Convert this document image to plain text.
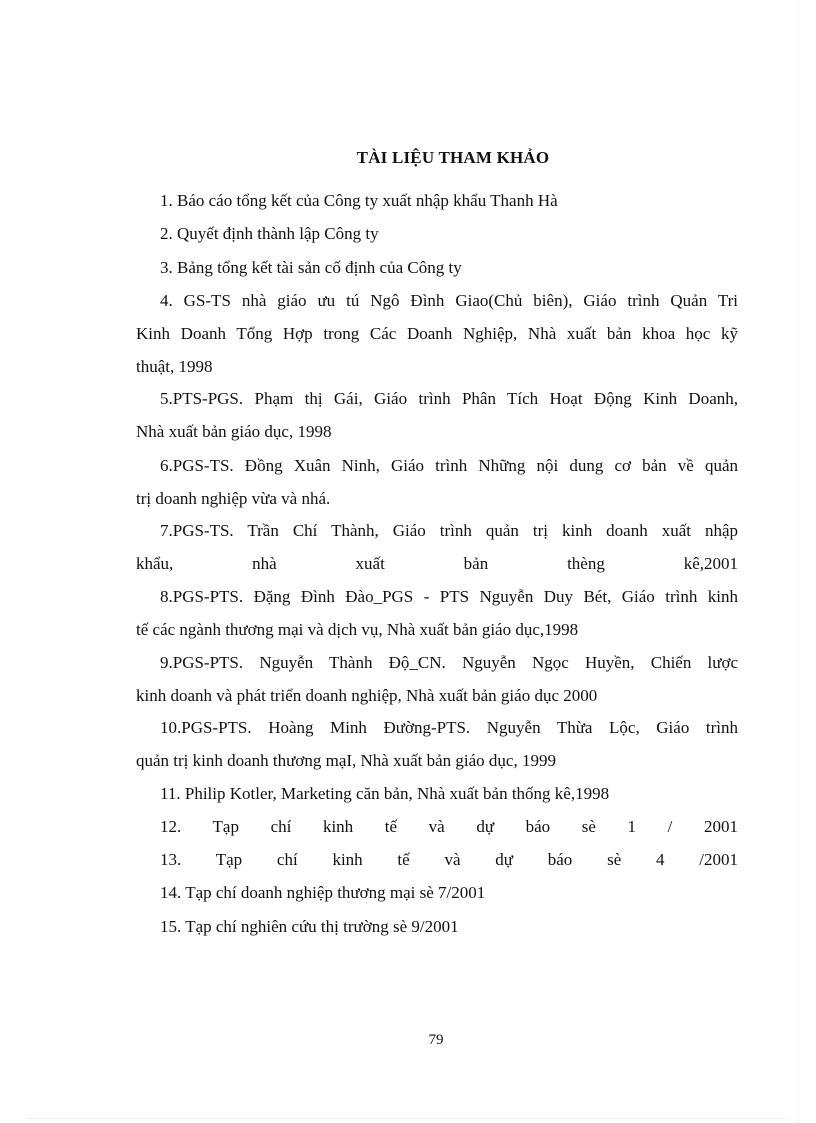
TÀI LIỆU THAM KHẢO

1. Báo cáo tổng kết của Công ty xuất nhập khẩu Thanh Hà

2. Quyết định thành lập Công ty

3. Bảng tổng kết tài sản cố định của Công ty

4. GS-TS nhà giáo ưu tú Ngô Đình Giao(Chủ biên), Giáo trình Quản Tri

Kinh Doanh Tổng Hợp trong Các Doanh Nghiệp, Nhà xuất bản khoa học kỹ

thuật, 1998

5.PTS-PGS. Phạm thị Gái, Giáo trình Phân Tích Hoạt Động Kinh Doanh,

Nhà xuất bản giáo dục, 1998

6.PGS-TS. Đồng Xuân Ninh, Giáo trình Những nội dung cơ bản về quản

trị doanh nghiệp vừa và nhá.

7.PGS-TS. Trần Chí Thành, Giáo trình quản trị kinh doanh xuất nhập

khẩu, nhà xuất bản thèng kê,2001

8.PGS-PTS. Đặng Đình Đào_PGS - PTS Nguyễn Duy Bét, Giáo trình kinh

tế các ngành thương mại và dịch vụ, Nhà xuất bản giáo dục,1998

9.PGS-PTS. Nguyễn Thành Độ_CN. Nguyễn Ngọc Huyền, Chiến lược

kinh doanh và phát triển doanh nghiệp, Nhà xuất bản giáo dục 2000

10.PGS-PTS. Hoàng Minh Đường-PTS. Nguyễn Thừa Lộc, Giáo trình

quản trị kinh doanh thương mạI, Nhà xuất bản giáo dục, 1999

11. Philip Kotler, Marketing căn bản, Nhà xuất bản thống kê,1998

12. Tạp chí kinh tế và dự báo sè 1 / 2001

13. Tạp chí kinh tế và dự báo sè 4 /2001

14. Tạp chí doanh nghiệp thương mại sè 7/2001

15. Tạp chí nghiên cứu thị trường sè 9/2001

79
